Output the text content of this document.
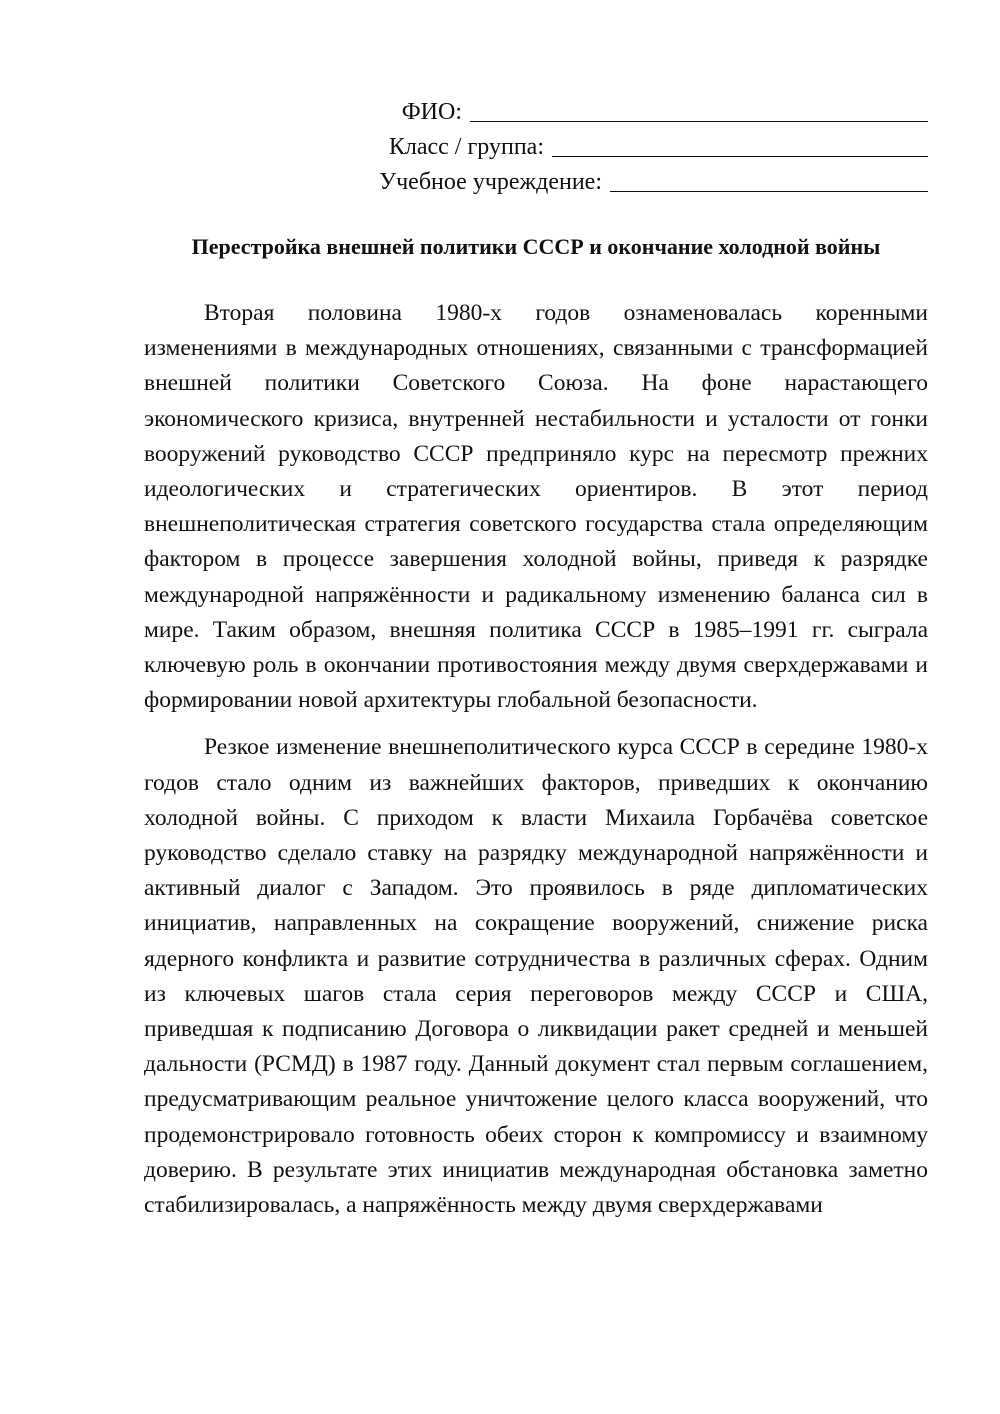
ФИО:
Класс / группа:
Учебное учреждение:
Перестройка внешней политики СССР и окончание холодной войны

Вторая половина 1980-х годов ознаменовалась коренными изменениями в международных отношениях, связанными с трансформацией внешней политики Советского Союза. На фоне нарастающего экономического кризиса, внутренней нестабильности и усталости от гонки вооружений руководство СССР предприняло курс на пересмотр прежних идеологических и стратегических ориентиров. В этот период внешнеполитическая стратегия советского государства стала определяющим фактором в процессе завершения холодной войны, приведя к разрядке международной напряжённости и радикальному изменению баланса сил в мире. Таким образом, внешняя политика СССР в 1985–1991 гг. сыграла ключевую роль в окончании противостояния между двумя сверхдержавами и формировании новой архитектуры глобальной безопасности.

Резкое изменение внешнеполитического курса СССР в середине 1980-х годов стало одним из важнейших факторов, приведших к окончанию холодной войны. С приходом к власти Михаила Горбачёва советское руководство сделало ставку на разрядку международной напряжённости и активный диалог с Западом. Это проявилось в ряде дипломатических инициатив, направленных на сокращение вооружений, снижение риска ядерного конфликта и развитие сотрудничества в различных сферах. Одним из ключевых шагов стала серия переговоров между СССР и США, приведшая к подписанию Договора о ликвидации ракет средней и меньшей дальности (РСМД) в 1987 году. Данный документ стал первым соглашением, предусматривающим реальное уничтожение целого класса вооружений, что продемонстрировало готовность обеих сторон к компромиссу и взаимному доверию. В результате этих инициатив международная обстановка заметно стабилизировалась, а напряжённость между двумя сверхдержавами
